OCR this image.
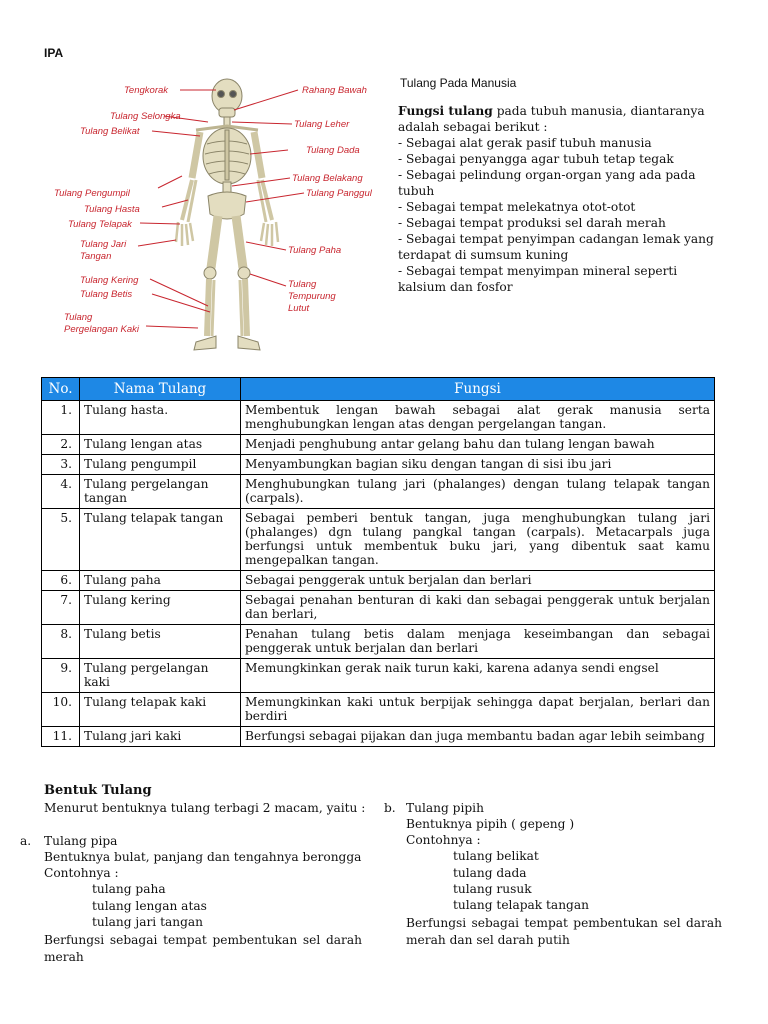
IPA
Tengkorak
Tulang Selongka
Tulang Belikat
Tulang Pengumpil
Tulang Hasta
Tulang Telapak
Tulang Jari
Tangan
Tulang Kering
Tulang Betis
Tulang
Pergelangan Kaki
Rahang Bawah
Tulang Leher
Tulang Dada
Tulang Belakang
Tulang Panggul
Tulang Paha
Tulang
Tempurung
Lutut
Tulang Pada Manusia
Fungsi tulang pada tubuh manusia, diantaranya adalah sebagai berikut :
- Sebagai alat gerak pasif tubuh manusia
- Sebagai penyangga agar tubuh tetap tegak
- Sebagai pelindung organ-organ yang ada pada tubuh
- Sebagai tempat melekatnya otot-otot
- Sebagai tempat produksi sel darah merah
- Sebagai tempat penyimpan cadangan lemak yang terdapat di sumsum kuning
- Sebagai tempat menyimpan mineral seperti kalsium dan fosfor
No.	Nama Tulang	Fungsi
1.	Tulang hasta.	Membentuk lengan bawah sebagai alat gerak manusia serta menghubungkan lengan atas dengan pergelangan tangan.
2.	Tulang lengan atas	Menjadi penghubung antar gelang bahu dan tulang lengan bawah
3.	Tulang pengumpil	Menyambungkan bagian siku dengan tangan di sisi ibu jari
4.	Tulang pergelangan tangan	Menghubungkan tulang jari (phalanges) dengan tulang telapak tangan (carpals).
5.	Tulang telapak tangan	Sebagai pemberi bentuk tangan, juga menghubungkan tulang jari (phalanges) dgn tulang pangkal tangan (carpals). Metacarpals juga berfungsi untuk membentuk buku jari, yang dibentuk saat kamu mengepalkan tangan.
6.	Tulang paha	Sebagai penggerak untuk berjalan dan berlari
7.	Tulang kering	Sebagai penahan benturan di kaki dan sebagai penggerak untuk berjalan dan berlari,
8.	Tulang betis	Penahan tulang betis dalam menjaga keseimbangan dan sebagai penggerak untuk berjalan dan berlari
9.	Tulang pergelangan kaki	Memungkinkan gerak naik turun kaki, karena adanya sendi engsel
10.	Tulang telapak kaki	Memungkinkan kaki untuk berpijak sehingga dapat berjalan, berlari dan berdiri
11.	Tulang jari kaki	Berfungsi sebagai pijakan dan juga membantu badan agar lebih seimbang
Bentuk Tulang
Menurut bentuknya tulang terbagi 2 macam, yaitu :
a. Tulang pipa
Bentuknya bulat, panjang dan tengahnya berongga
Contohnya :
tulang paha
tulang lengan atas
tulang jari tangan
Berfungsi sebagai tempat pembentukan sel darah merah
b. Tulang pipih
Bentuknya pipih ( gepeng )
Contohnya :
tulang belikat
tulang dada
tulang rusuk
tulang telapak tangan
Berfungsi sebagai tempat pembentukan sel darah merah dan sel darah putih
